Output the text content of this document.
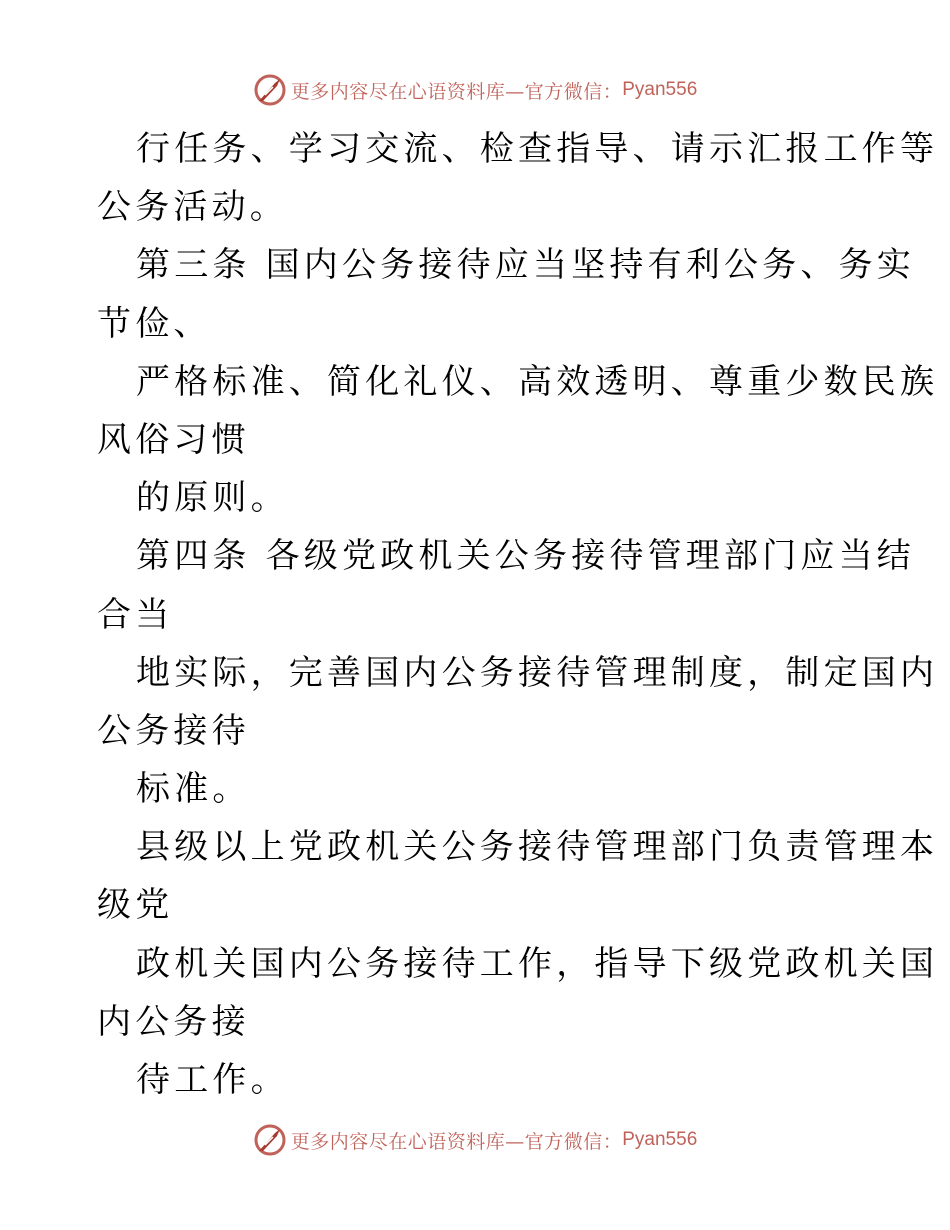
更多内容尽在心语资料库—官方微信： Pyan556
行任务、学习交流、检查指导、请示汇报工作等
公务活动。
第三条 国内公务接待应当坚持有利公务、务实
节俭、
严格标准、简化礼仪、高效透明、尊重少数民族
风俗习惯
的原则。
第四条 各级党政机关公务接待管理部门应当结
合当
地实际，完善国内公务接待管理制度，制定国内
公务接待
标准。
县级以上党政机关公务接待管理部门负责管理本
级党
政机关国内公务接待工作，指导下级党政机关国
内公务接
待工作。
更多内容尽在心语资料库—官方微信： Pyan556
